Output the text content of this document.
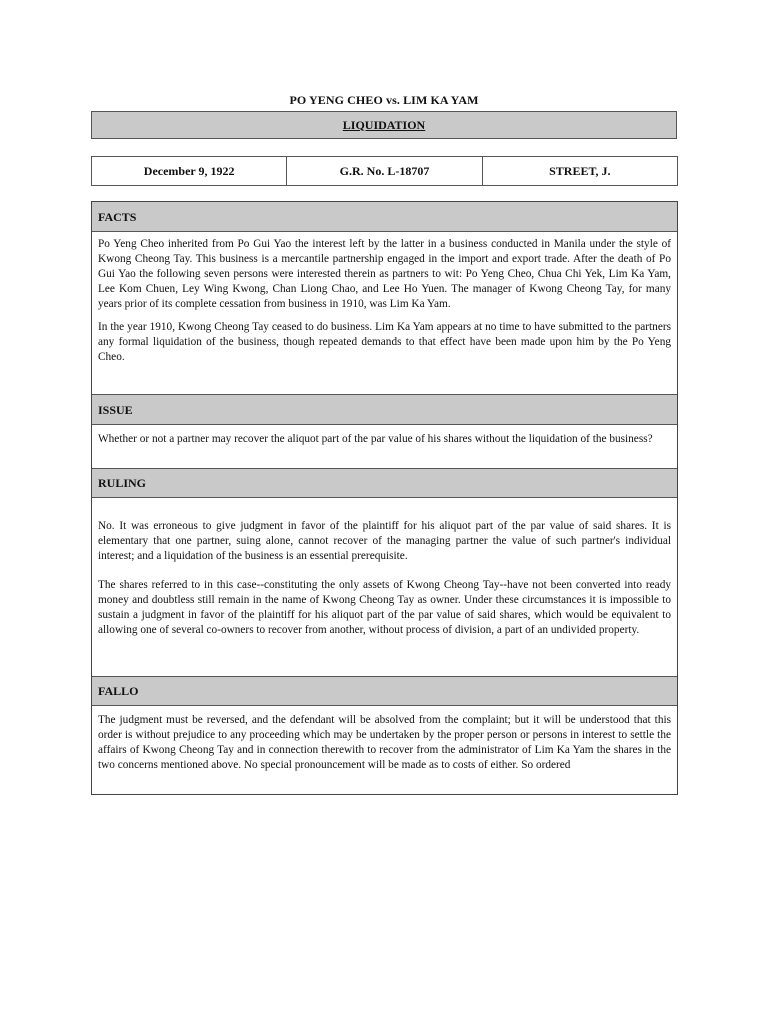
PO YENG CHEO vs. LIM KA YAM
LIQUIDATION
December 9, 1922	G.R. No. L-18707	STREET, J.
FACTS

Po Yeng Cheo inherited from Po Gui Yao the interest left by the latter in a business conducted in Manila under the style of Kwong Cheong Tay. This business is a mercantile partnership engaged in the import and export trade. After the death of Po Gui Yao the following seven persons were interested therein as partners to wit: Po Yeng Cheo, Chua Chi Yek, Lim Ka Yam, Lee Kom Chuen, Ley Wing Kwong, Chan Liong Chao, and Lee Ho Yuen. The manager of Kwong Cheong Tay, for many years prior of its complete cessation from business in 1910, was Lim Ka Yam.

In the year 1910, Kwong Cheong Tay ceased to do business. Lim Ka Yam appears at no time to have submitted to the partners any formal liquidation of the business, though repeated demands to that effect have been made upon him by the Po Yeng Cheo.

ISSUE

Whether or not a partner may recover the aliquot part of the par value of his shares without the liquidation of the business?

RULING

No. It was erroneous to give judgment in favor of the plaintiff for his aliquot part of the par value of said shares. It is elementary that one partner, suing alone, cannot recover of the managing partner the value of such partner's individual interest; and a liquidation of the business is an essential prerequisite.

The shares referred to in this case--constituting the only assets of Kwong Cheong Tay--have not been converted into ready money and doubtless still remain in the name of Kwong Cheong Tay as owner. Under these circumstances it is impossible to sustain a judgment in favor of the plaintiff for his aliquot part of the par value of said shares, which would be equivalent to allowing one of several co-owners to recover from another, without process of division, a part of an undivided property.

FALLO

The judgment must be reversed, and the defendant will be absolved from the complaint; but it will be understood that this order is without prejudice to any proceeding which may be undertaken by the proper person or persons in interest to settle the affairs of Kwong Cheong Tay and in connection therewith to recover from the administrator of Lim Ka Yam the shares in the two concerns mentioned above. No special pronouncement will be made as to costs of either. So ordered
